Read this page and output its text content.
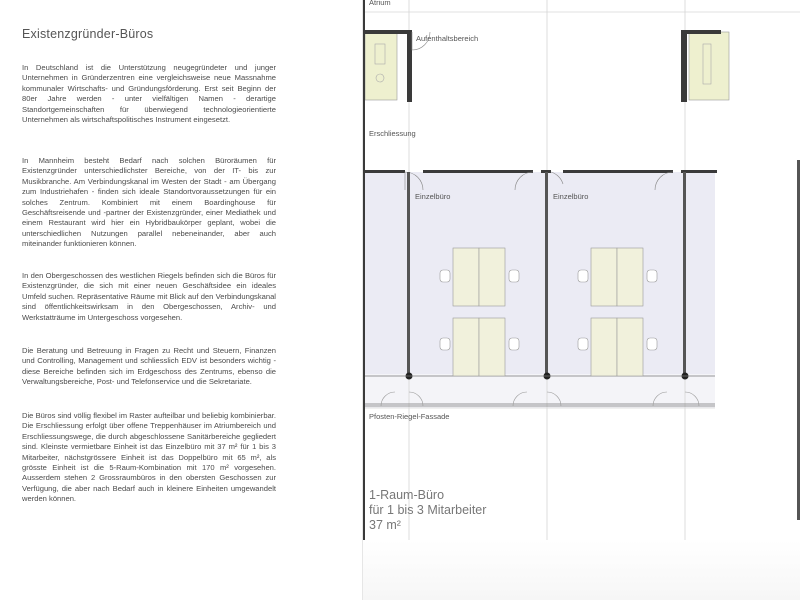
Existenzgründer-Büros

In Deutschland ist die Unterstützung neugegründeter und junger Unternehmen in Gründerzentren eine vergleichsweise neue Massnahme kommunaler Wirtschafts- und Gründungsförderung. Erst seit Beginn der 80er Jahre werden - unter vielfältigen Namen - derartige Standortgemeinschaften für überwiegend technologieorientierte Unternehmen als wirtschaftspolitisches Instrument eingesetzt.

In Mannheim besteht Bedarf nach solchen Büroräumen für Existenzgründer unterschiedlichster Bereiche, von der IT- bis zur Musikbranche. Am Verbindungskanal im Westen der Stadt - am Übergang zum Industriehafen - finden sich ideale Standortvoraussetzungen für ein solches Zentrum. Kombiniert mit einem Boardinghouse für Geschäftsreisende und -partner der Existenzgründer, einer Mediathek und einem Restaurant wird hier ein Hybridbaukörper geplant, wobei die unterschiedlichen Nutzungen parallel nebeneinander, aber auch miteinander funktionieren können.

In den Obergeschossen des westlichen Riegels befinden sich die Büros für Existenzgründer, die sich mit einer neuen Geschäftsidee ein ideales Umfeld suchen. Repräsentative Räume mit Blick auf den Verbindungskanal sind öffentlichkeitswirksam in den Obergeschossen, Archiv- und Werkstatträume im Untergeschoss vorgesehen.

Die Beratung und Betreuung in Fragen zu Recht und Steuern, Finanzen und Controlling, Management und schliesslich EDV ist besonders wichtig - diese Bereiche befinden sich im Erdgeschoss des Zentrums, ebenso die Verwaltungsbereiche, Post- und Telefonservice und die Sekretariate.

Die Büros sind völlig flexibel im Raster aufteilbar und beliebig kombinierbar. Die Erschliessung erfolgt über offene Treppenhäuser im Atriumbereich und Erschliessungswege, die durch abgeschlossene Sanitärbereiche gegliedert sind. Kleinste vermietbare Einheit ist das Einzelbüro mit 37 m² für 1 bis 3 Mitarbeiter, nächstgrössere Einheit ist das Doppelbüro mit 65 m², als grösste Einheit ist die 5-Raum-Kombination mit 170 m² vorgesehen. Ausserdem stehen 2 Grossraumbüros in den obersten Geschossen zur Verfügung, die aber nach Bedarf auch in kleinere Einheiten umgewandelt werden können.

Atrium
Aufenthaltsbereich
Erschliessung
Einzelbüro	Einzelbüro
Pfosten-Riegel-Fassade
1-Raum-Büro
für 1 bis 3 Mitarbeiter
37 m²
